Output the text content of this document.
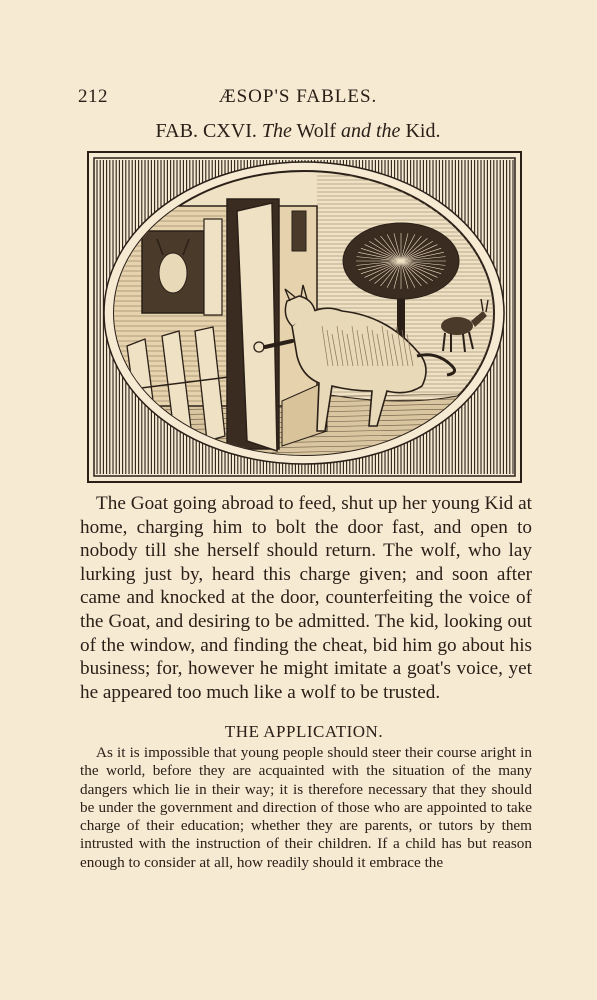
212	ÆSOP'S FABLES.
FAB. CXVI. The Wolf and the Kid.

The Goat going abroad to feed, shut up her young Kid at home, charging him to bolt the door fast, and open to nobody till she herself should return. The wolf, who lay lurking just by, heard this charge given; and soon after came and knocked at the door, counterfeiting the voice of the Goat, and desiring to be admitted. The kid, looking out of the window, and finding the cheat, bid him go about his business; for, however he might imitate a goat's voice, yet he appeared too much like a wolf to be trusted.

THE APPLICATION.

As it is impossible that young people should steer their course aright in the world, before they are acquainted with the situation of the many dangers which lie in their way; it is therefore necessary that they should be under the government and direction of those who are appointed to take charge of their education; whether they are parents, or tutors by them intrusted with the instruction of their children. If a child has but reason enough to consider at all, how readily should it embrace the
